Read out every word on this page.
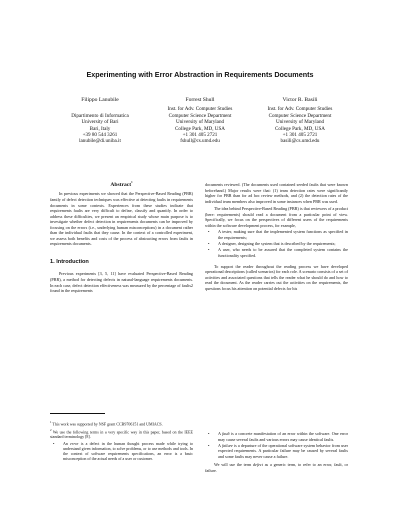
Experimenting with Error Abstraction in Requirements Documents
Filippo Lanubile

Dipartimento di Informatica
University of Bari
Bari, Italy
+39 80 544 3261
lanubile@di.uniba.it
Forrest Shull
Inst. for Adv. Computer Studies
Computer Science Department
University of Maryland
College Park, MD, USA
+1 301 405 2721
fshull@cs.umd.edu
Victor R. Basili
Inst. for Adv. Computer Studies
Computer Science Department
University of Maryland
College Park, MD, USA
+1 301 405 2721
basili@cs.umd.edu
Abstract$^1$

In previous experiments we showed that the Perspective-Based Reading (PBR) family of defect detection techniques was effective at detecting faults in requirements documents in some contexts. Experiences from these studies indicate that requirements faults are very difficult to define, classify and quantify. In order to address these difficulties, we present an empirical study whose main purpose is to investigate whether defect detection in requirements documents can be improved by focusing on the errors (i.e., underlying human misconceptions) in a document rather than the individual faults that they cause. In the context of a controlled experiment, we assess both benefits and costs of the process of abstracting errors from faults in requirements documents.

1. Introduction

Previous experiments [3, 5, 11] have evaluated Perspective-Based Reading (PBR), a method for detecting defects in natural-language requirements documents. In each case, defect detection effectiveness was measured by the percentage of faults2 found in the requirements

documents reviewed. (The documents used contained seeded faults that were known beforehand.) Major results were that: (1) team detection rates were significantly higher for PBR than for ad hoc review methods, and (2) the detection rates of the individual team members also improved in some instances when PBR was used.

The idea behind Perspective-Based Reading (PBR) is that reviewers of a product (here: requirements) should read a document from a particular point of view. Specifically, we focus on the perspectives of different users of the requirements within the software development process, for example,

• A tester, making sure that the implemented system functions as specified in the requirements;
• A designer, designing the system that is described by the requirements;
• A user, who needs to be assured that the completed system contains the functionality specified.

To support the reader throughout the reading process we have developed operational descriptions (called scenarios) for each role. A scenario consists of a set of activities and associated questions that tells the reader what he should do and how to read the document. As the reader carries out the activities on the requirements, the questions focus his attention on potential defects for his

$^1$ This work was supported by NSF grant CCR9706151 and UMIACS.
$^2$ We use the following terms in a very specific way in this paper, based on the IEEE standard terminology [8].
• An error is a defect in the human thought process made while trying to understand given information, to solve problems, or to use methods and tools. In the context of software requirements specifications, an error is a basic misconception of the actual needs of a user or customer.
• A fault is a concrete manifestation of an error within the software. One error may cause several faults and various errors may cause identical faults.
• A failure is a departure of the operational software system behavior from user expected requirements. A particular failure may be caused by several faults and some faults may never cause a failure.

We will use the term defect as a generic term, to refer to an error, fault, or failure.
